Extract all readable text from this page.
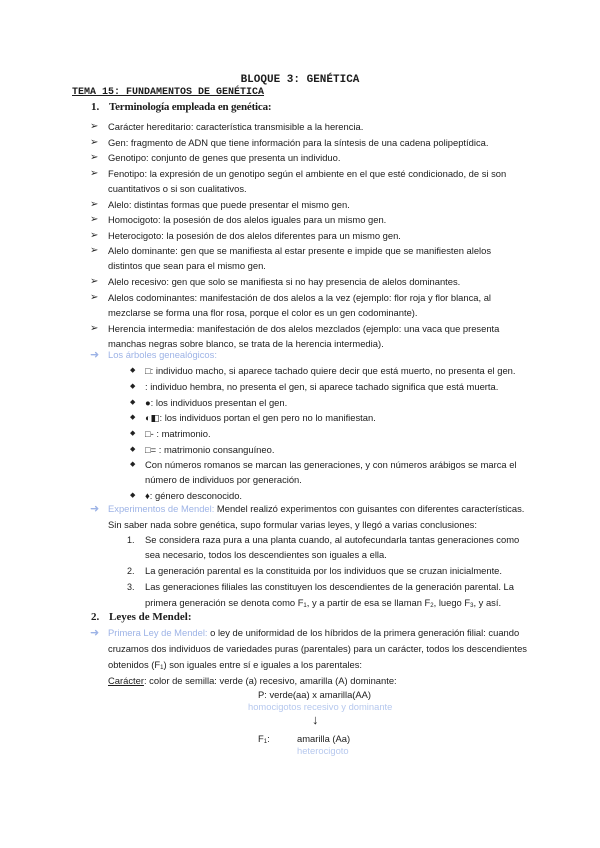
BLOQUE 3: GENÉTICA
TEMA 15: FUNDAMENTOS DE GENÉTICA
1. Terminología empleada en genética:
➢ Carácter hereditario: característica transmisible a la herencia.
➢ Gen: fragmento de ADN que tiene información para la síntesis de una cadena polipeptídica.
➢ Genotipo: conjunto de genes que presenta un individuo.
➢ Fenotipo: la expresión de un genotipo según el ambiente en el que esté condicionado, de si son
cuantitativos o si son cualitativos.
➢ Alelo: distintas formas que puede presentar el mismo gen.
➢ Homocigoto: la posesión de dos alelos iguales para un mismo gen.
➢ Heterocigoto: la posesión de dos alelos diferentes para un mismo gen.
➢ Alelo dominante: gen que se manifiesta al estar presente e impide que se manifiesten alelos
distintos que sean para el mismo gen.
➢ Alelo recesivo: gen que solo se manifiesta si no hay presencia de alelos dominantes.
➢ Alelos codominantes: manifestación de dos alelos a la vez (ejemplo: flor roja y flor blanca, al
mezclarse se forma una flor rosa, porque el color es un gen codominante).
➢ Herencia intermedia: manifestación de dos alelos mezclados (ejemplo: una vaca que presenta
manchas negras sobre blanco, se trata de la herencia intermedia).
➜ Los árboles genealógicos:
◆ □: individuo macho, si aparece tachado quiere decir que está muerto, no presenta el gen.
◆ : individuo hembra, no presenta el gen, si aparece tachado significa que está muerta.
◆ ●: los individuos presentan el gen.
◆ ◐◧: los individuos portan el gen pero no lo manifiestan.
◆ □- : matrimonio.
◆ □= : matrimonio consanguíneo.
◆ Con números romanos se marcan las generaciones, y con números arábigos se marca el
número de individuos por generación.
◆ ♦: género desconocido.
➜ Experimentos de Mendel: Mendel realizó experimentos con guisantes con diferentes características.
Sin saber nada sobre genética, supo formular varias leyes, y llegó a varias conclusiones:
1. Se considera raza pura a una planta cuando, al autofecundarla tantas generaciones como
sea necesario, todos los descendientes son iguales a ella.
2. La generación parental es la constituida por los individuos que se cruzan inicialmente.
3. Las generaciones filiales las constituyen los descendientes de la generación parental. La
primera generación se denota como $F_1$, y a partir de esa se llaman $F_2$, luego $F_3$, y así.
2. Leyes de Mendel:
➜ Primera Ley de Mendel: o ley de uniformidad de los híbridos de la primera generación filial: cuando
cruzamos dos individuos de variedades puras (parentales) para un carácter, todos los descendientes
obtenidos $(F_1)$ son iguales entre sí e iguales a los parentales:
Carácter: color de semilla: verde (a) recesivo, amarilla (A) dominante:
P: verde(aa) x amarilla(AA)
homocigotos recesivo y dominante
↓
$F_1$:	amarilla (Aa)
heterocigoto
